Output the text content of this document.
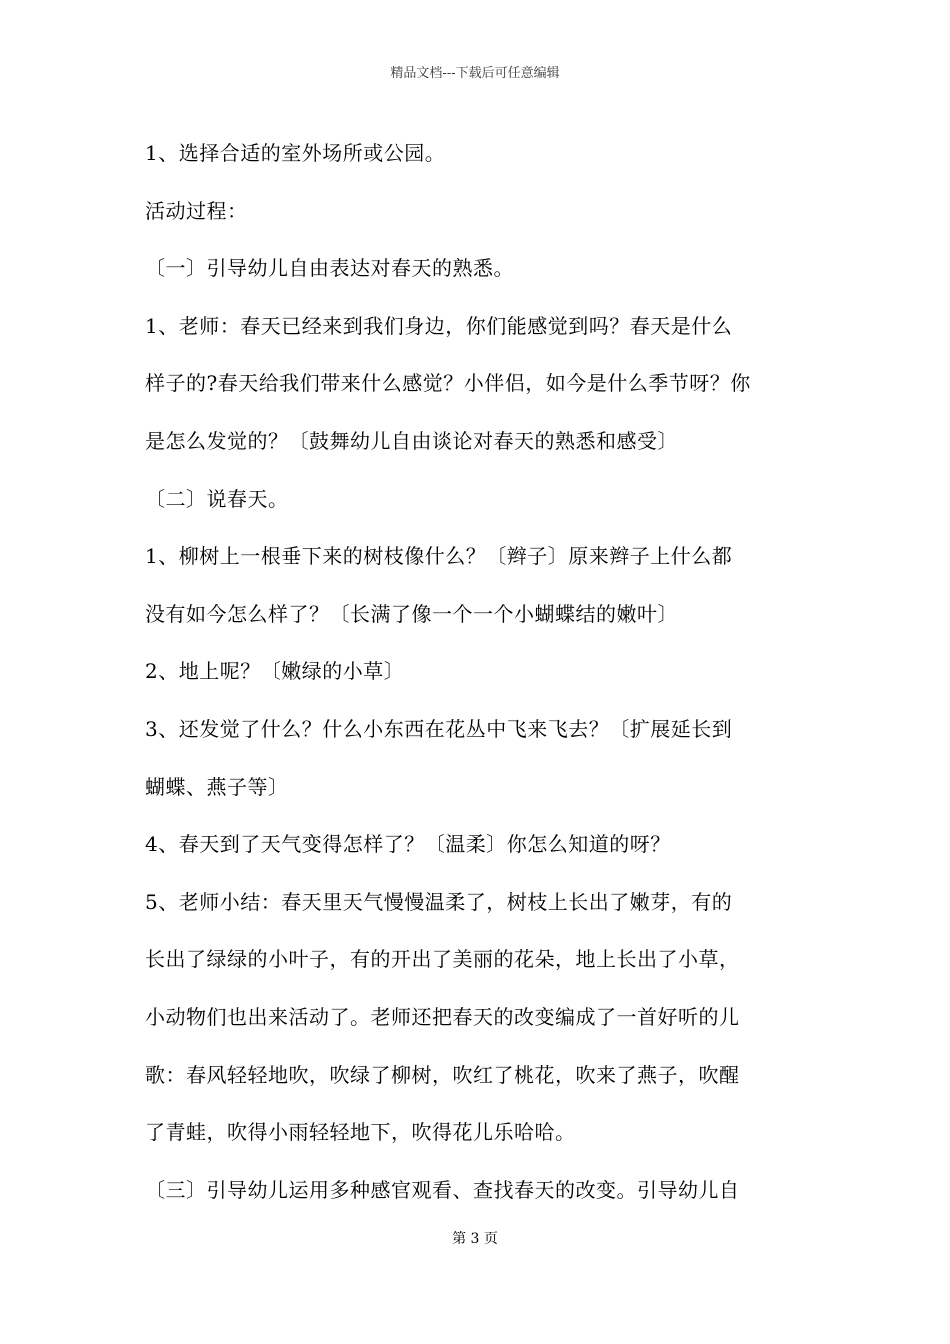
精品文档---下载后可任意编辑
1、选择合适的室外场所或公园。
活动过程：
〔一〕引导幼儿自由表达对春天的熟悉。
1、老师：春天已经来到我们身边，你们能感觉到吗？春天是什么
样子的?春天给我们带来什么感觉？小伴侣，如今是什么季节呀？你
是怎么发觉的？〔鼓舞幼儿自由谈论对春天的熟悉和感受〕
〔二〕说春天。
1、柳树上一根垂下来的树枝像什么？〔辫子〕原来辫子上什么都
没有如今怎么样了？〔长满了像一个一个小蝴蝶结的嫩叶〕
2、地上呢？〔嫩绿的小草〕
3、还发觉了什么？什么小东西在花丛中飞来飞去？〔扩展延长到
蝴蝶、燕子等〕
4、春天到了天气变得怎样了？〔温柔〕你怎么知道的呀？
5、老师小结：春天里天气慢慢温柔了，树枝上长出了嫩芽，有的
长出了绿绿的小叶子，有的开出了美丽的花朵，地上长出了小草，
小动物们也出来活动了。老师还把春天的改变编成了一首好听的儿
歌：春风轻轻地吹，吹绿了柳树，吹红了桃花，吹来了燕子，吹醒
了青蛙，吹得小雨轻轻地下，吹得花儿乐哈哈。
〔三〕引导幼儿运用多种感官观看、查找春天的改变。引导幼儿自
第 3 页
